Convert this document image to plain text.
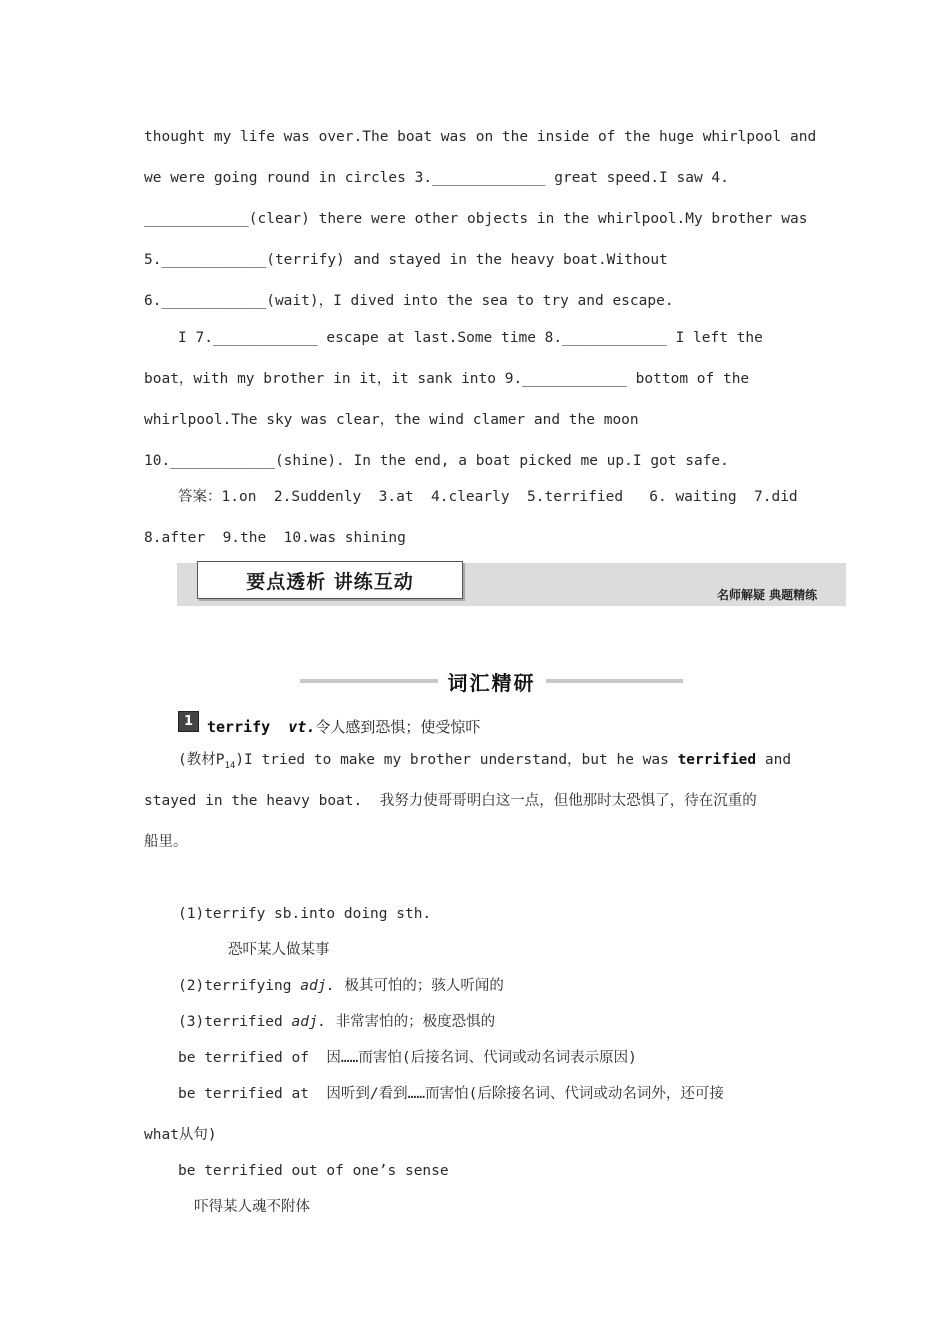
thought my life was over.The boat was on the inside of the huge whirlpool and
we were going round in circles 3._____________ great speed.I saw 4.
____________(clear) there were other objects in the whirlpool.My brother was
5.____________(terrify) and stayed in the heavy boat.Without
6.____________(wait)，I dived into the sea to try and escape.
I 7.____________ escape at last.Some time 8.____________ I left the
boat，with my brother in it，it sank into 9.____________ bottom of the
whirlpool.The sky was clear，the wind clamer and the moon
10.____________(shine). In the end, a boat picked me up.I got safe.
答案：1.on  2.Suddenly  3.at  4.clearly  5.terrified   6. waiting  7.did
8.after  9.the  10.was shining
要点透析 讲练互动
名师解疑 典题精练
词汇精研
1 terrify vt.令人感到恐惧；使受惊吓
(教材$P_{14})I$ tried to make my brother understand，but he was terrified and
stayed in the heavy boat.  我努力使哥哥明白这一点，但他那时太恐惧了，待在沉重的
船里。
(1)terrify sb.into doing sth.
恐吓某人做某事
(2)terrifying adj.  极其可怕的；骇人听闻的
(3)terrified adj.  非常害怕的；极度恐惧的
be terrified of  因……而害怕(后接名词、代词或动名词表示原因)
be terrified at  因听到/看到……而害怕(后除接名词、代词或动名词外，还可接
what从句)
be terrified out of one’s sense
吓得某人魂不附体
